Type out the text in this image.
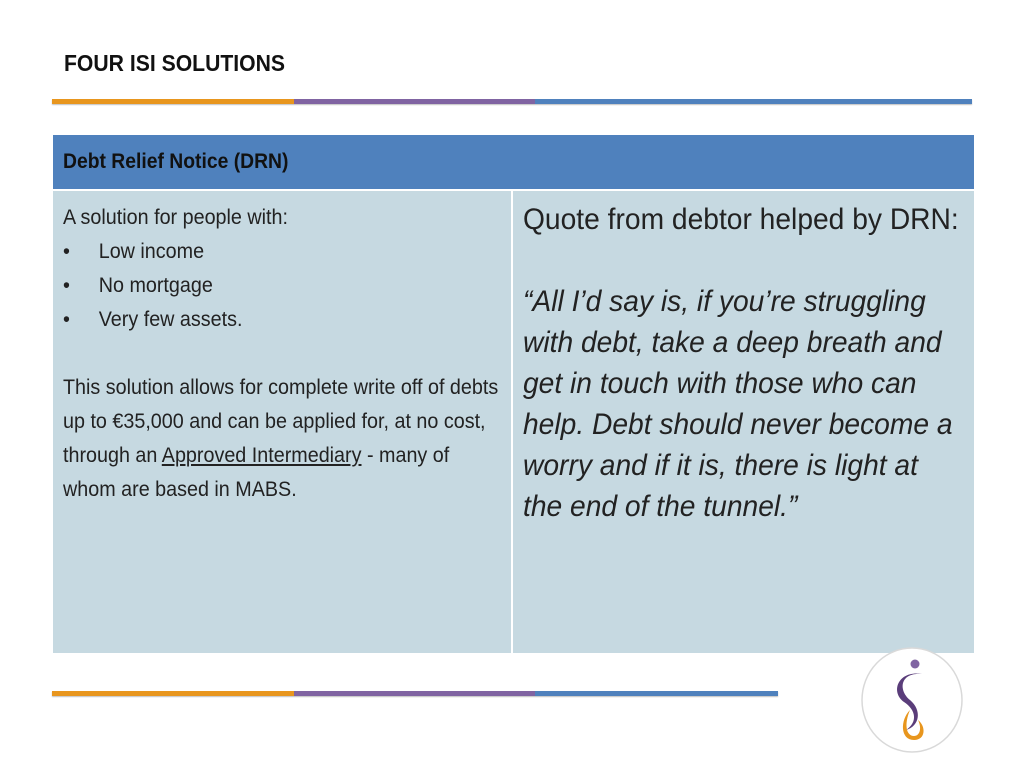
FOUR ISI SOLUTIONS
Debt Relief Notice (DRN)
A solution for people with:
•	Low income
•	No mortgage
•	Very few assets.
This solution allows for complete write off of debts up to €35,000 and can be applied for, at no cost, through an Approved Intermediary - many of whom are based in MABS.
Quote from debtor helped by DRN:
“All I’d say is, if you’re struggling with debt, take a deep breath and get in touch with those who can help. Debt should never become a worry and if it is, there is light at the end of the tunnel.”
